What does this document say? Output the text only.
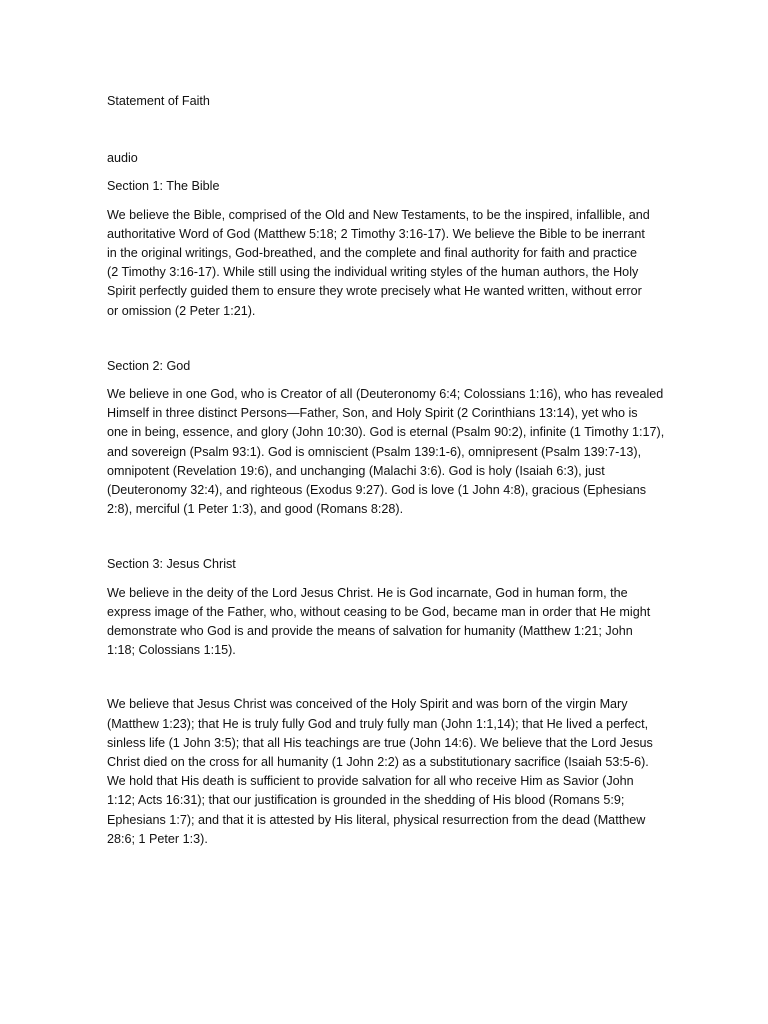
Statement of Faith
audio
Section 1: The Bible
We believe the Bible, comprised of the Old and New Testaments, to be the inspired, infallible, and
authoritative Word of God (Matthew 5:18; 2 Timothy 3:16-17). We believe the Bible to be inerrant
in the original writings, God-breathed, and the complete and final authority for faith and practice
(2 Timothy 3:16-17). While still using the individual writing styles of the human authors, the Holy
Spirit perfectly guided them to ensure they wrote precisely what He wanted written, without error
or omission (2 Peter 1:21).
Section 2: God
We believe in one God, who is Creator of all (Deuteronomy 6:4; Colossians 1:16), who has revealed
Himself in three distinct Persons—Father, Son, and Holy Spirit (2 Corinthians 13:14), yet who is
one in being, essence, and glory (John 10:30). God is eternal (Psalm 90:2), infinite (1 Timothy 1:17),
and sovereign (Psalm 93:1). God is omniscient (Psalm 139:1-6), omnipresent (Psalm 139:7-13),
omnipotent (Revelation 19:6), and unchanging (Malachi 3:6). God is holy (Isaiah 6:3), just
(Deuteronomy 32:4), and righteous (Exodus 9:27). God is love (1 John 4:8), gracious (Ephesians
2:8), merciful (1 Peter 1:3), and good (Romans 8:28).
Section 3: Jesus Christ
We believe in the deity of the Lord Jesus Christ. He is God incarnate, God in human form, the
express image of the Father, who, without ceasing to be God, became man in order that He might
demonstrate who God is and provide the means of salvation for humanity (Matthew 1:21; John
1:18; Colossians 1:15).
We believe that Jesus Christ was conceived of the Holy Spirit and was born of the virgin Mary
(Matthew 1:23); that He is truly fully God and truly fully man (John 1:1,14); that He lived a perfect,
sinless life (1 John 3:5); that all His teachings are true (John 14:6). We believe that the Lord Jesus
Christ died on the cross for all humanity (1 John 2:2) as a substitutionary sacrifice (Isaiah 53:5-6).
We hold that His death is sufficient to provide salvation for all who receive Him as Savior (John
1:12; Acts 16:31); that our justification is grounded in the shedding of His blood (Romans 5:9;
Ephesians 1:7); and that it is attested by His literal, physical resurrection from the dead (Matthew
28:6; 1 Peter 1:3).
